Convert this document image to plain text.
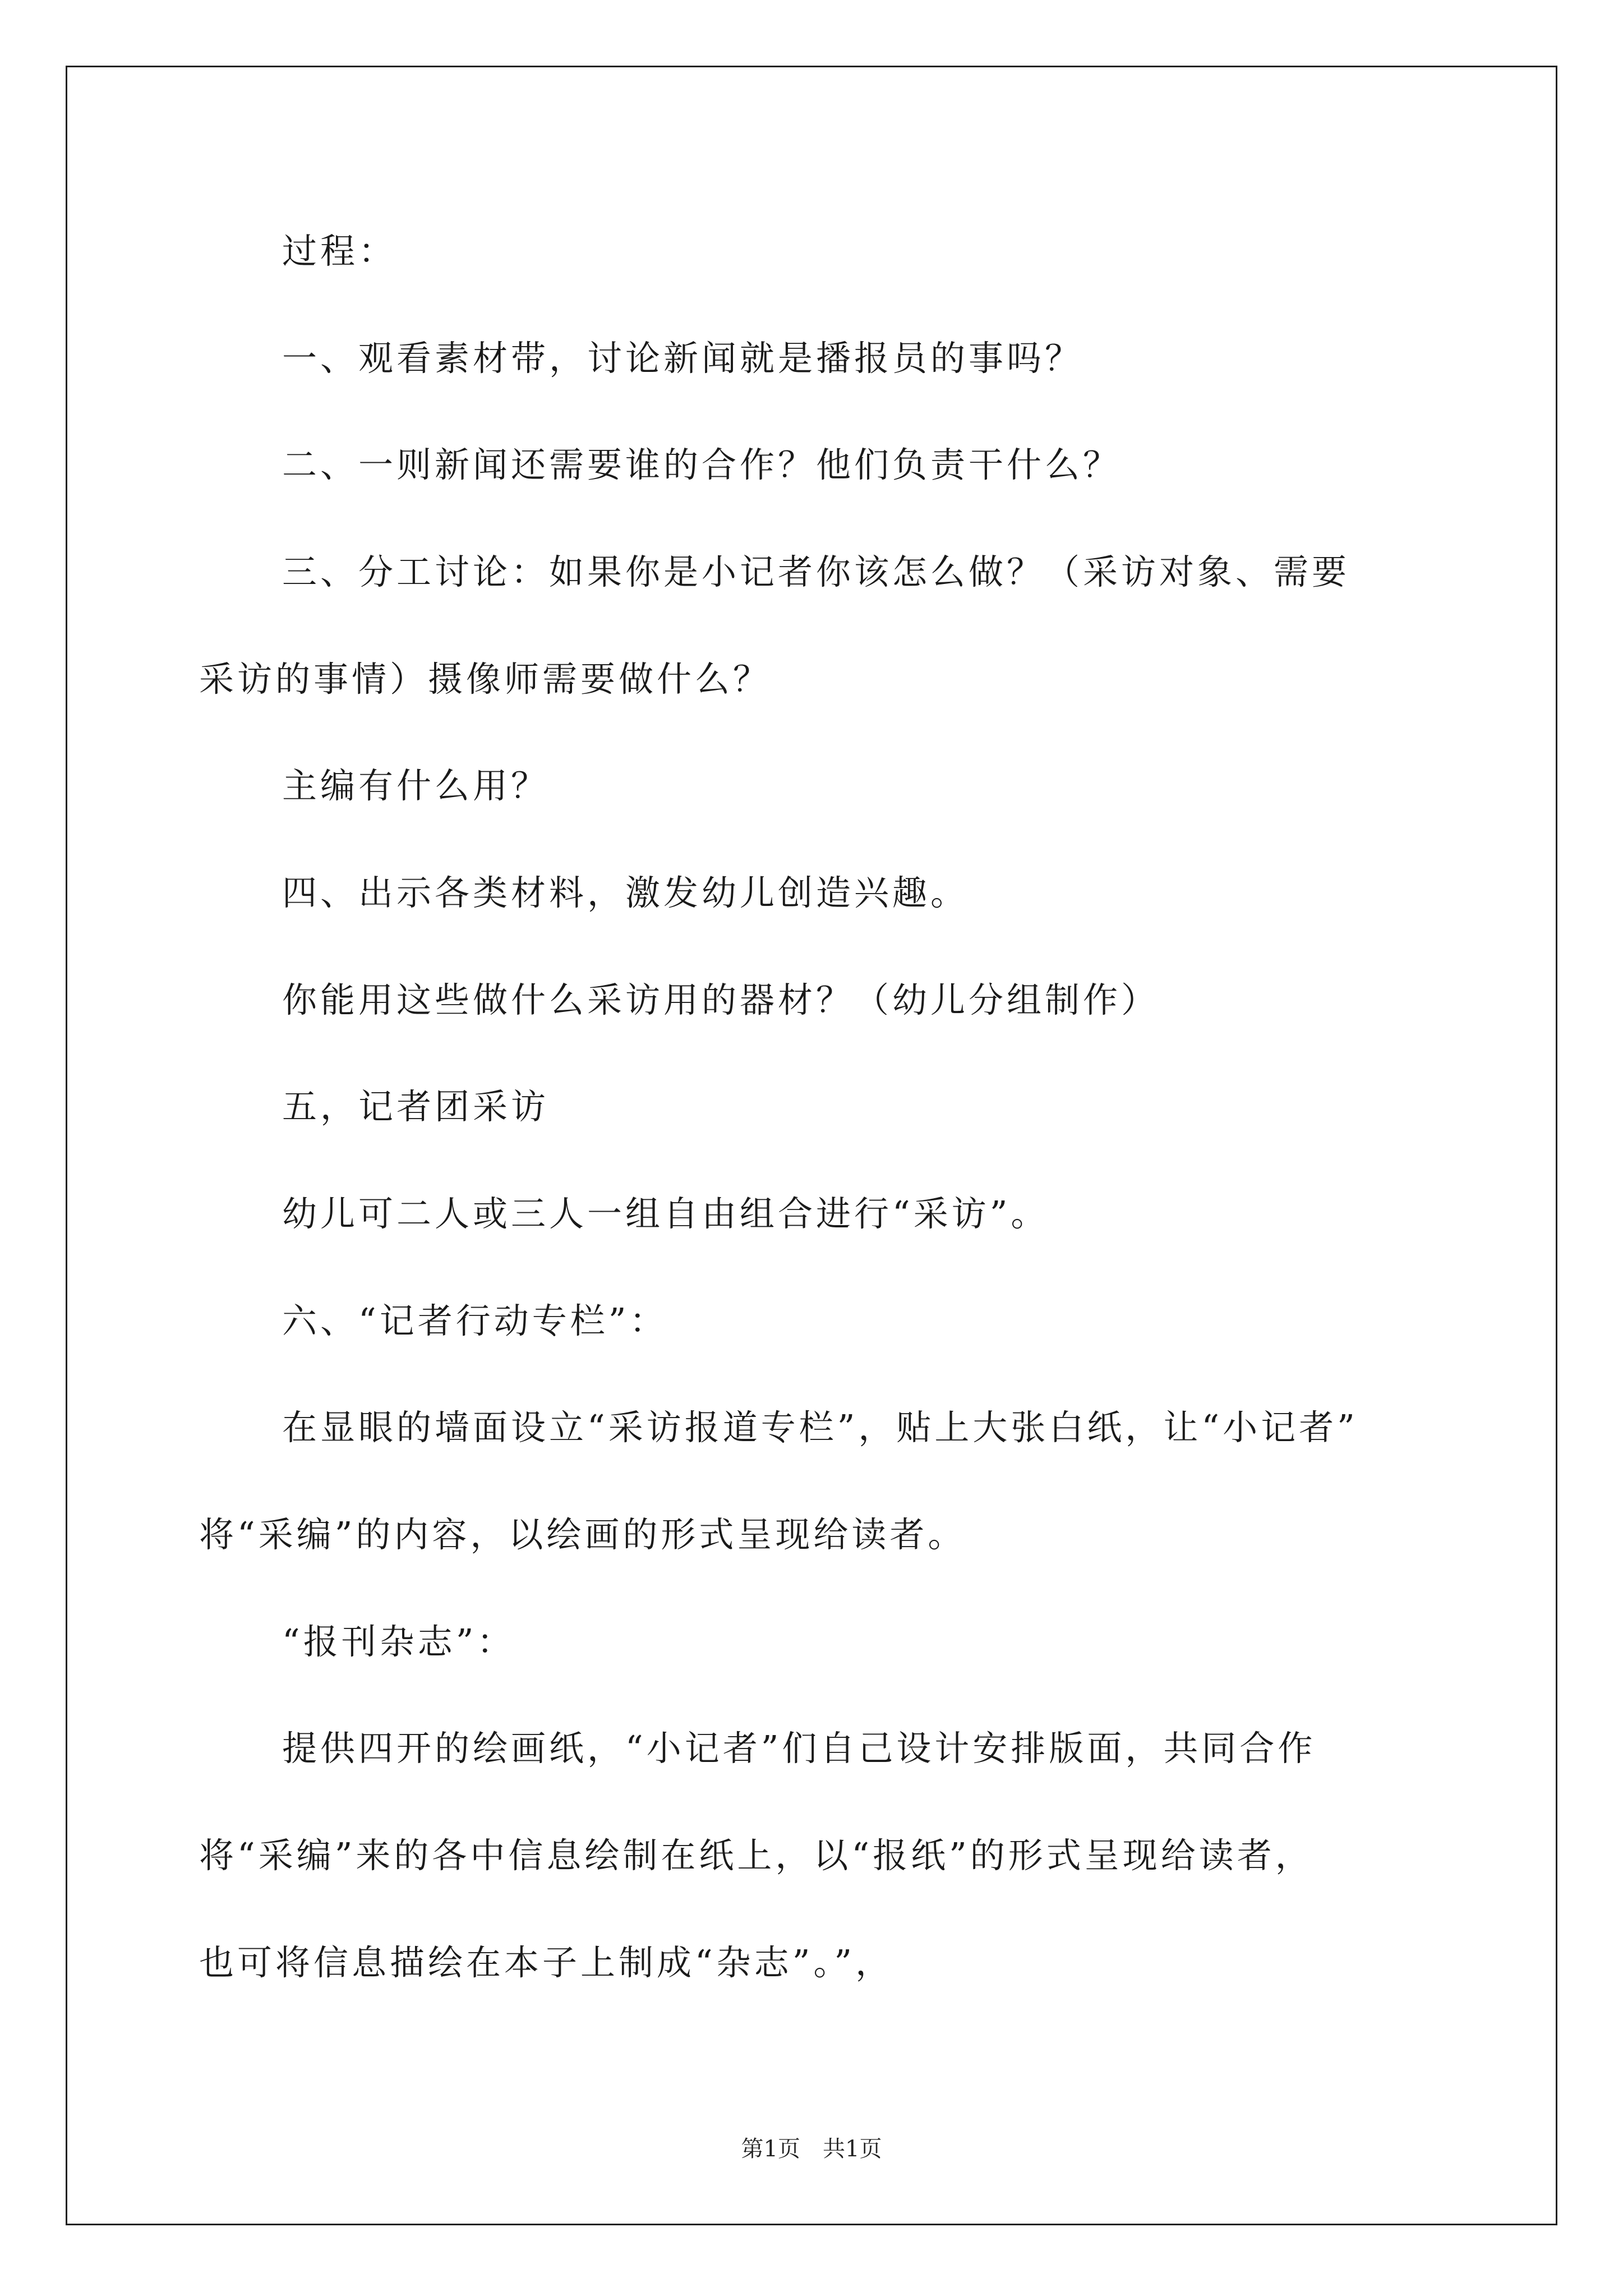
过程：
一、观看素材带，讨论新闻就是播报员的事吗？
二、一则新闻还需要谁的合作？他们负责干什么？
三、分工讨论：如果你是小记者你该怎么做？（采访对象、需要
采访的事情）摄像师需要做什么？
主编有什么用？
四、出示各类材料，激发幼儿创造兴趣。
你能用这些做什么采访用的器材？（幼儿分组制作）
五，记者团采访
幼儿可二人或三人一组自由组合进行“采访”。
六、“记者行动专栏”：
在显眼的墙面设立“采访报道专栏”，贴上大张白纸，让“小记者”
将“采编”的内容，以绘画的形式呈现给读者。
“报刊杂志”：
提供四开的绘画纸，“小记者”们自己设计安排版面，共同合作
将“采编”来的各中信息绘制在纸上，以“报纸”的形式呈现给读者，
也可将信息描绘在本子上制成“杂志”。”，
第1页　共1页
